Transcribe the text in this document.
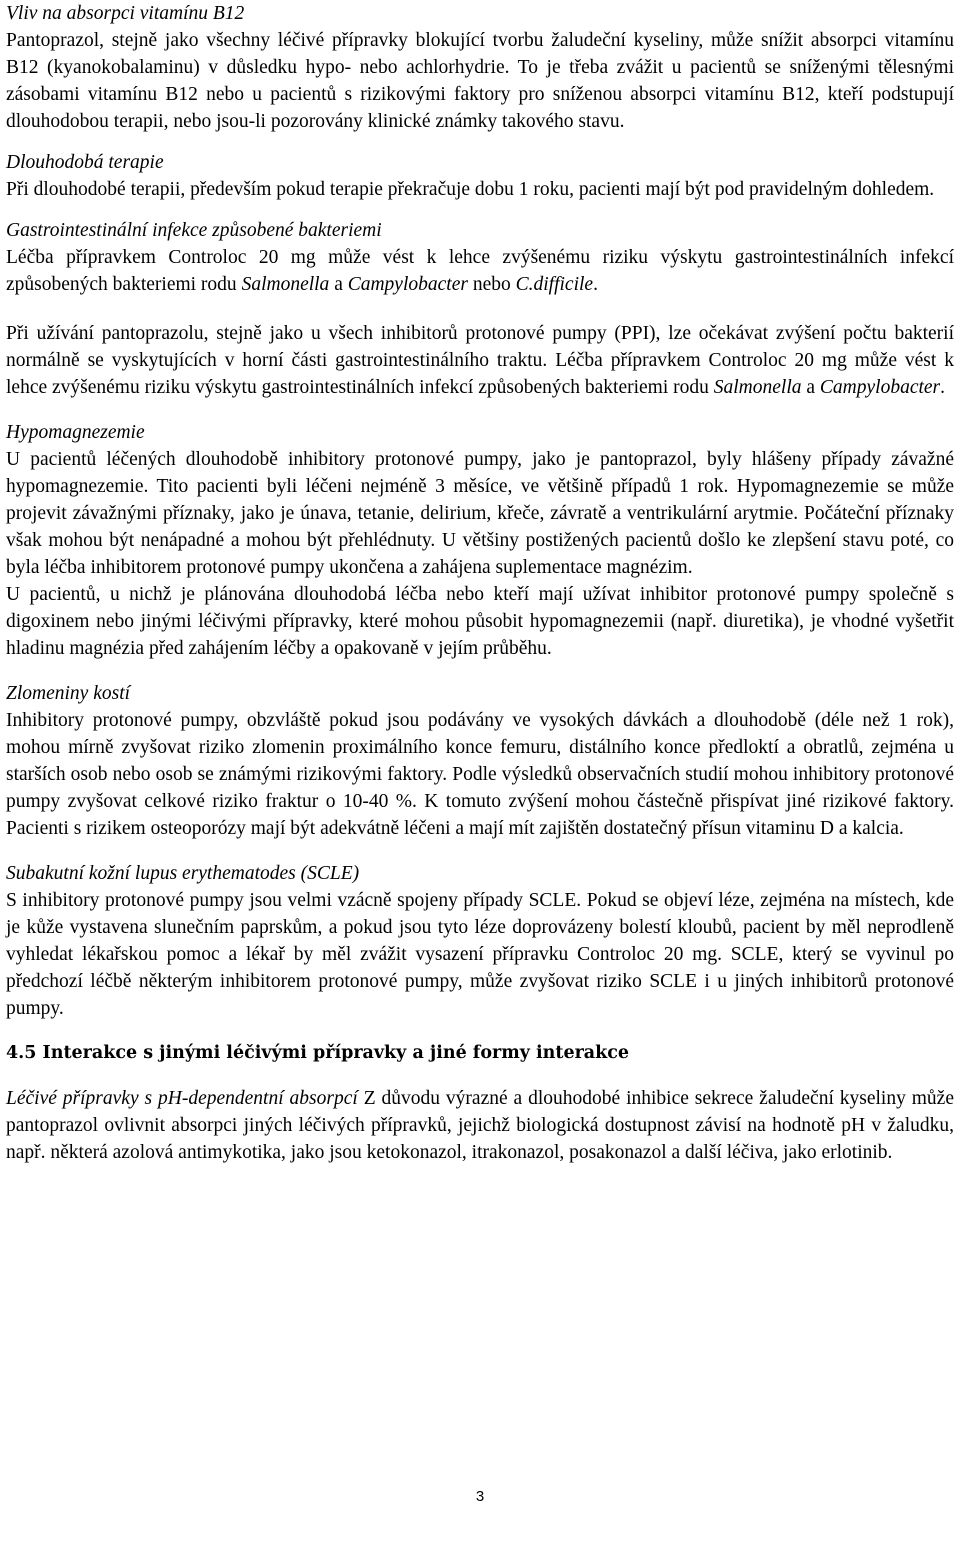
Vliv na absorpci vitamínu B12

Pantoprazol, stejně jako všechny léčivé přípravky blokující tvorbu žaludeční kyseliny, může snížit absorpci vitamínu B12 (kyanokobalaminu) v důsledku hypo- nebo achlorhydrie. To je třeba zvážit u pacientů se sníženými tělesnými zásobami vitamínu B12 nebo u pacientů s rizikovými faktory pro sníženou absorpci vitamínu B12, kteří podstupují dlouhodobou terapii, nebo jsou-li pozorovány klinické známky takového stavu.

Dlouhodobá terapie

Při dlouhodobé terapii, především pokud terapie překračuje dobu 1 roku, pacienti mají být pod pravidelným dohledem.

Gastrointestinální infekce způsobené bakteriemi

Léčba přípravkem Controloc 20 mg může vést k lehce zvýšenému riziku výskytu gastrointestinálních infekcí způsobených bakteriemi rodu Salmonella a Campylobacter nebo C.difficile.

Při užívání pantoprazolu, stejně jako u všech inhibitorů protonové pumpy (PPI), lze očekávat zvýšení počtu bakterií normálně se vyskytujících v horní části gastrointestinálního traktu. Léčba přípravkem Controloc 20 mg může vést k lehce zvýšenému riziku výskytu gastrointestinálních infekcí způsobených bakteriemi rodu Salmonella a Campylobacter.

Hypomagnezemie

U pacientů léčených dlouhodobě inhibitory protonové pumpy, jako je pantoprazol, byly hlášeny případy závažné hypomagnezemie. Tito pacienti byli léčeni nejméně 3 měsíce, ve většině případů 1 rok. Hypomagnezemie se může projevit závažnými příznaky, jako je únava, tetanie, delirium, křeče, závratě a ventrikulární arytmie. Počáteční příznaky však mohou být nenápadné a mohou být přehlédnuty. U většiny postižených pacientů došlo ke zlepšení stavu poté, co byla léčba inhibitorem protonové pumpy ukončena a zahájena suplementace magnézim.

U pacientů, u nichž je plánována dlouhodobá léčba nebo kteří mají užívat inhibitor protonové pumpy společně s digoxinem nebo jinými léčivými přípravky, které mohou působit hypomagnezemii (např. diuretika), je vhodné vyšetřit hladinu magnézia před zahájením léčby a opakovaně v jejím průběhu.

Zlomeniny kostí

Inhibitory protonové pumpy, obzvláště pokud jsou podávány ve vysokých dávkách a dlouhodobě (déle než 1 rok), mohou mírně zvyšovat riziko zlomenin proximálního konce femuru, distálního konce předloktí a obratlů, zejména u starších osob nebo osob se známými rizikovými faktory. Podle výsledků observačních studií mohou inhibitory protonové pumpy zvyšovat celkové riziko fraktur o 10-40 %. K tomuto zvýšení mohou částečně přispívat jiné rizikové faktory. Pacienti s rizikem osteoporózy mají být adekvátně léčeni a mají mít zajištěn dostatečný přísun vitaminu D a kalcia.

Subakutní kožní lupus erythematodes (SCLE)

S inhibitory protonové pumpy jsou velmi vzácně spojeny případy SCLE. Pokud se objeví léze, zejména na místech, kde je kůže vystavena slunečním paprskům, a pokud jsou tyto léze doprovázeny bolestí kloubů, pacient by měl neprodleně vyhledat lékařskou pomoc a lékař by měl zvážit vysazení přípravku Controloc 20 mg. SCLE, který se vyvinul po předchozí léčbě některým inhibitorem protonové pumpy, může zvyšovat riziko SCLE i u jiných inhibitorů protonové pumpy.

4.5 Interakce s jinými léčivými přípravky a jiné formy interakce

Léčivé přípravky s pH-dependentní absorpcí Z důvodu výrazné a dlouhodobé inhibice sekrece žaludeční kyseliny může pantoprazol ovlivnit absorpci jiných léčivých přípravků, jejichž biologická dostupnost závisí na hodnotě pH v žaludku, např. některá azolová antimykotika, jako jsou ketokonazol, itrakonazol, posakonazol a další léčiva, jako erlotinib.

3
